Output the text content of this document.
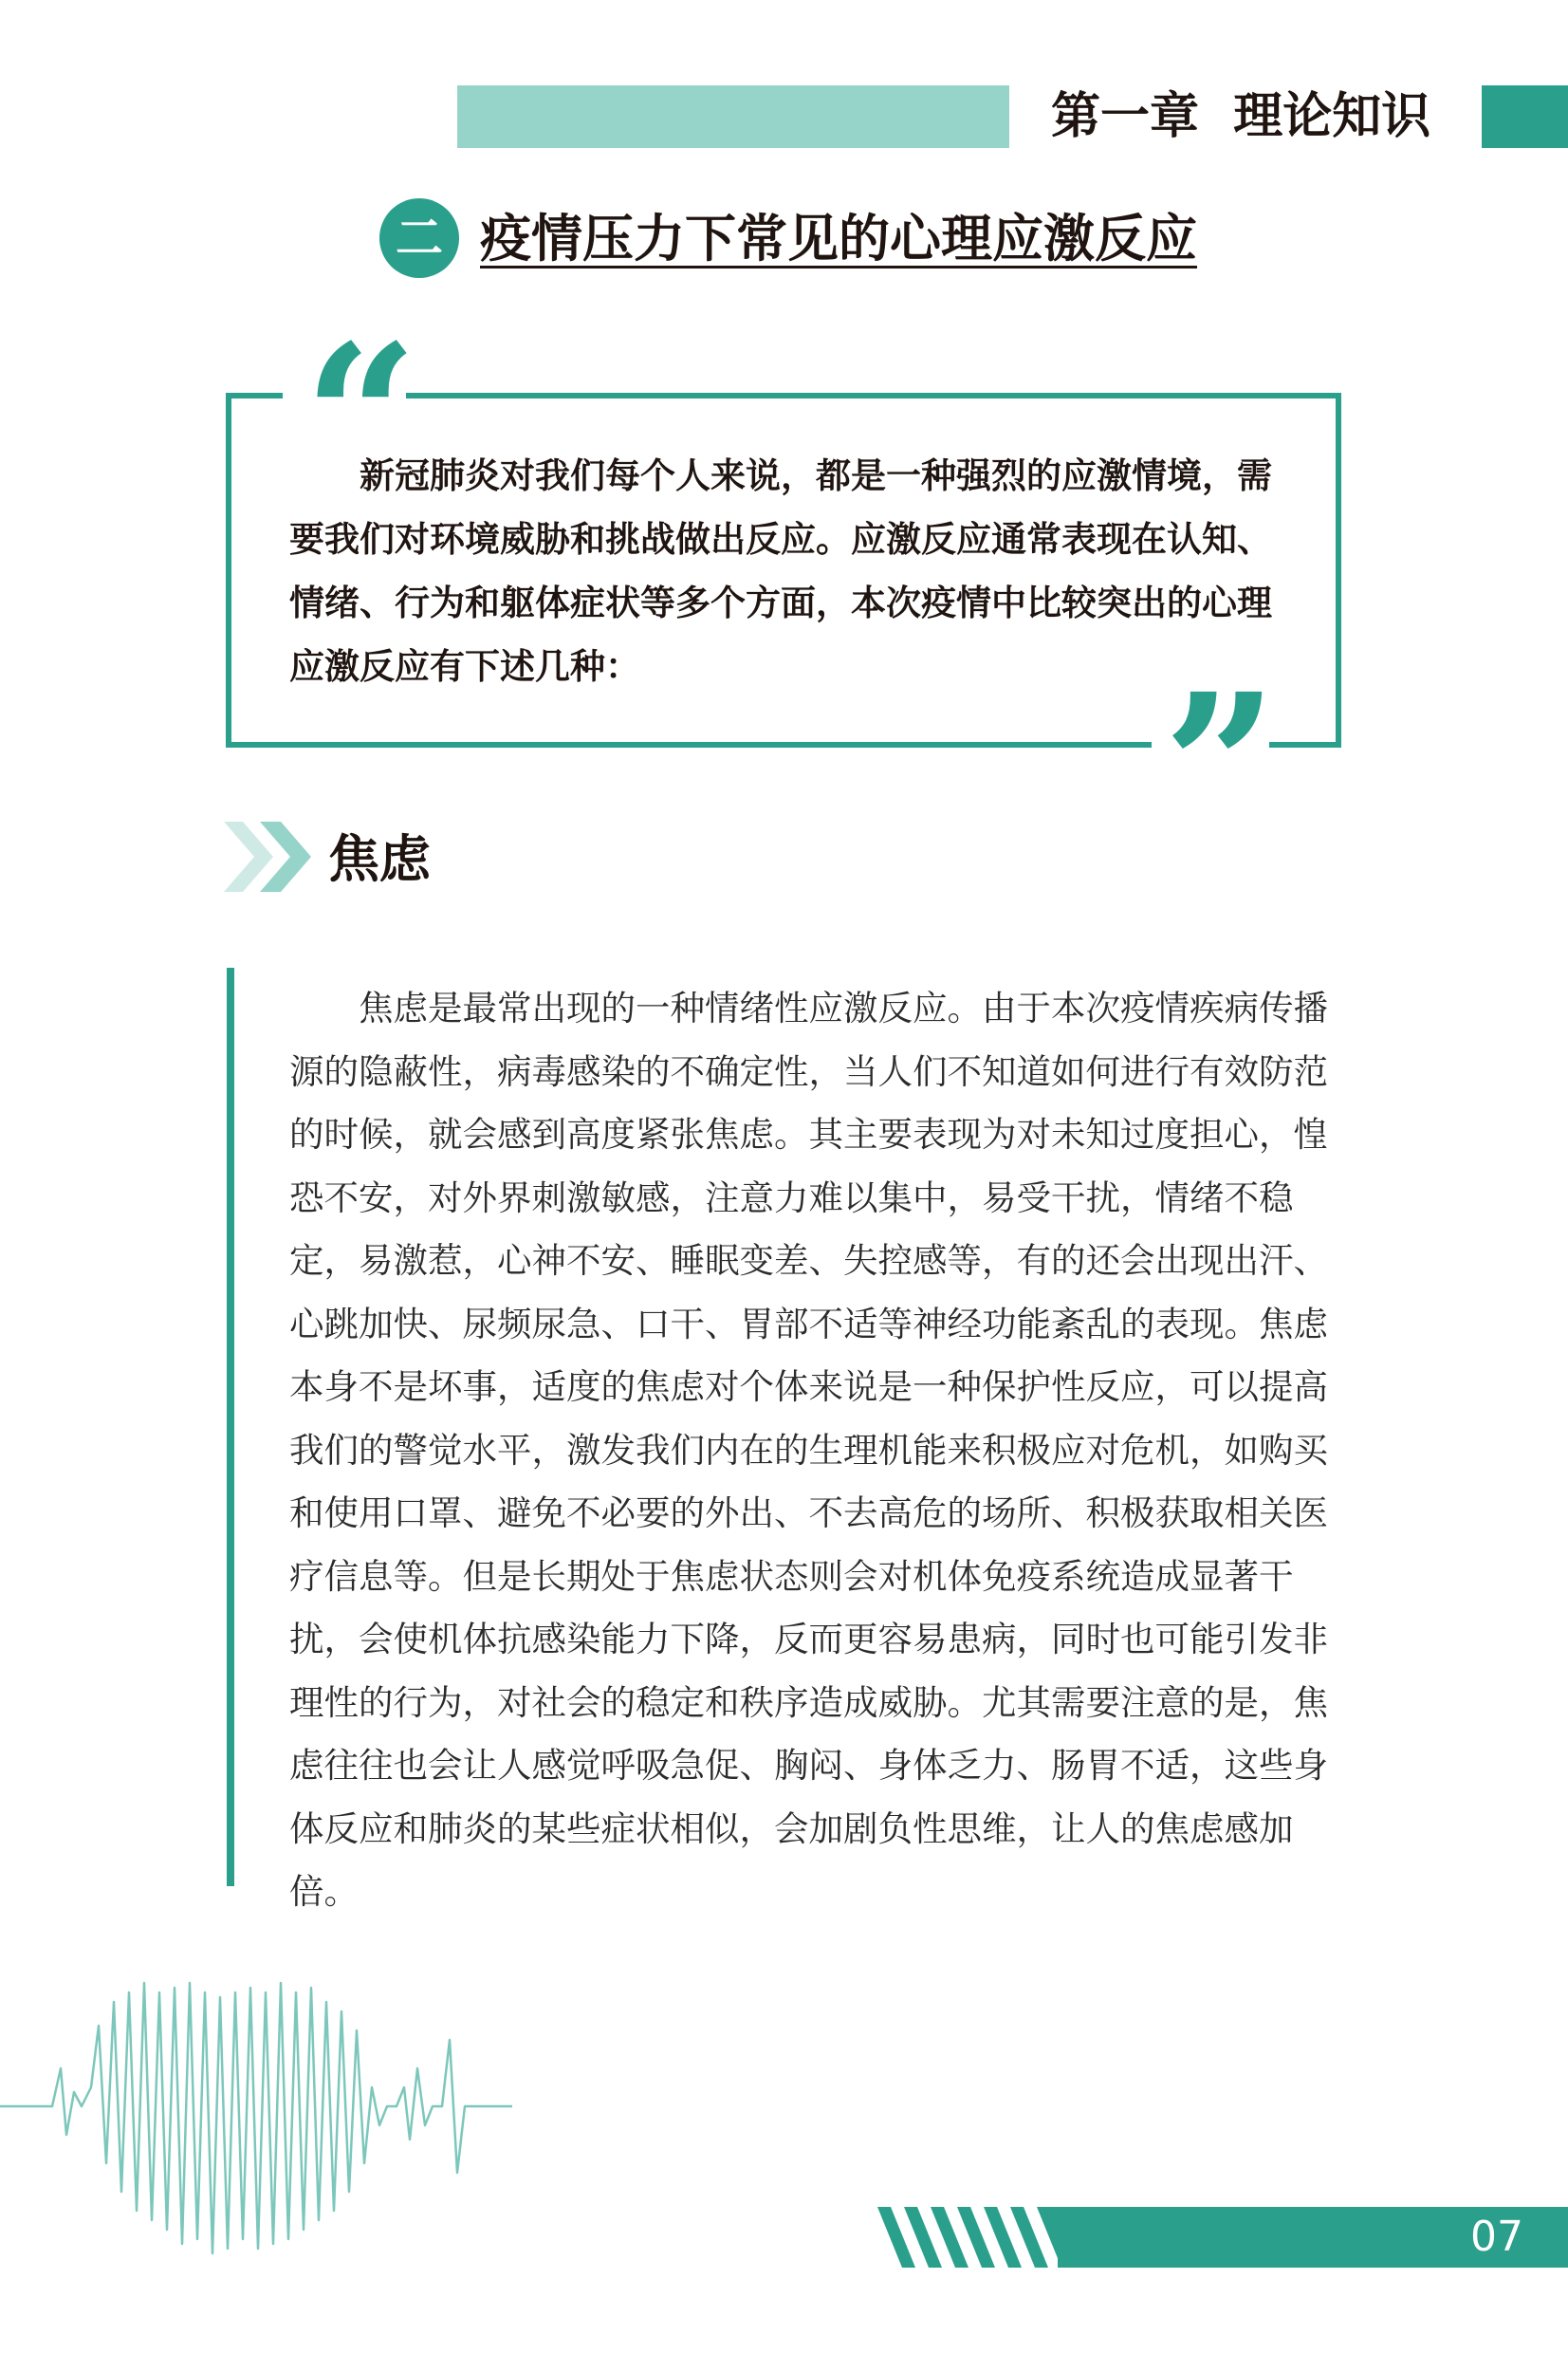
第一章  理论知识
二 疫情压力下常见的心理应激反应
“
”

　　新冠肺炎对我们每个人来说，都是一种强烈的应激情境，需要我们对环境威胁和挑战做出反应。应激反应通常表现在认知、情绪、行为和躯体症状等多个方面，本次疫情中比较突出的心理应激反应有下述几种：

焦虑

　　焦虑是最常出现的一种情绪性应激反应。由于本次疫情疾病传播源的隐蔽性，病毒感染的不确定性，当人们不知道如何进行有效防范的时候，就会感到高度紧张焦虑。其主要表现为对未知过度担心，惶恐不安，对外界刺激敏感，注意力难以集中，易受干扰，情绪不稳定，易激惹，心神不安、睡眠变差、失控感等，有的还会出现出汗、心跳加快、尿频尿急、口干、胃部不适等神经功能紊乱的表现。焦虑本身不是坏事，适度的焦虑对个体来说是一种保护性反应，可以提高我们的警觉水平，激发我们内在的生理机能来积极应对危机，如购买和使用口罩、避免不必要的外出、不去高危的场所、积极获取相关医疗信息等。但是长期处于焦虑状态则会对机体免疫系统造成显著干扰，会使机体抗感染能力下降，反而更容易患病，同时也可能引发非理性的行为，对社会的稳定和秩序造成威胁。尤其需要注意的是，焦虑往往也会让人感觉呼吸急促、胸闷、身体乏力、肠胃不适，这些身体反应和肺炎的某些症状相似，会加剧负性思维，让人的焦虑感加倍。

07
